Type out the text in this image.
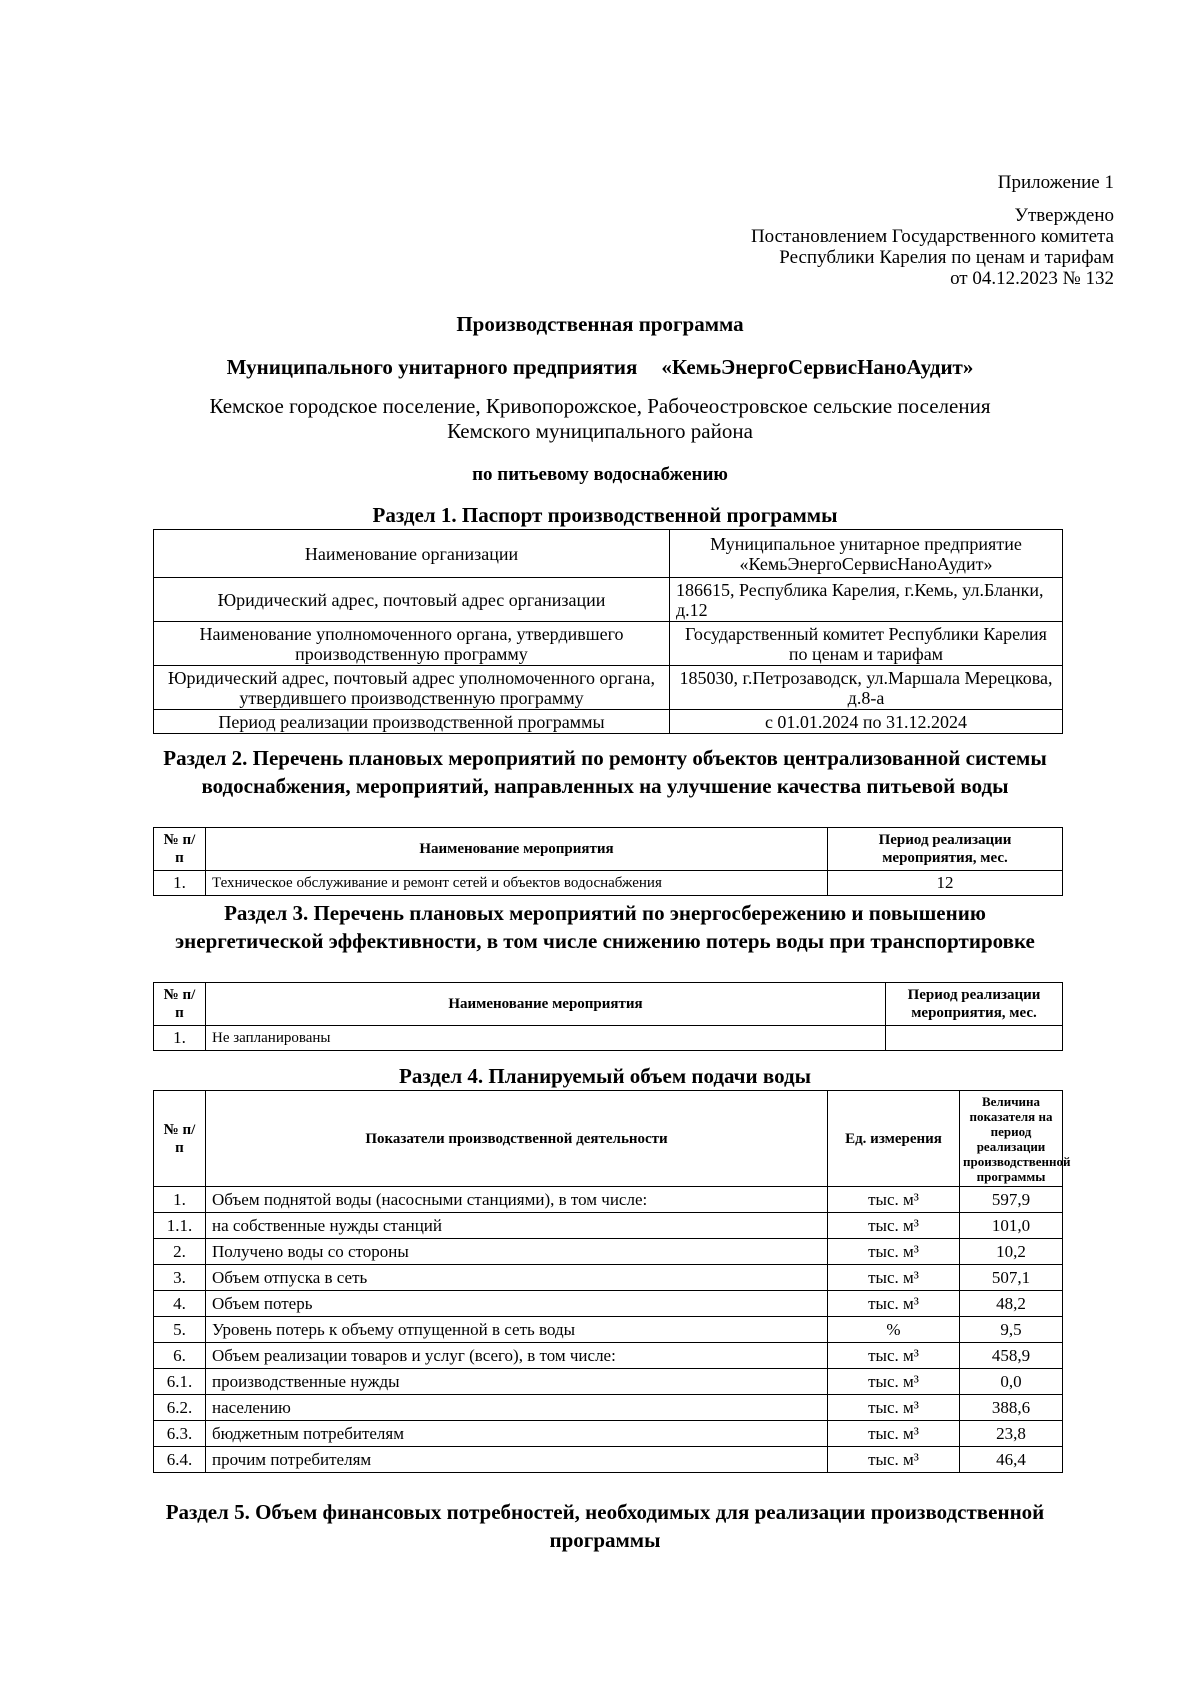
Приложение 1
Утверждено
Постановлением Государственного комитета
Республики Карелия по ценам и тарифам
от 04.12.2023 № 132
Производственная программа
Муниципального унитарного предприятия «КемьЭнергоСервисНаноАудит»
Кемское городское поселение, Кривопорожское, Рабочеостровское сельские поселения
Кемского муниципального района
по питьевому водоснабжению
Раздел 1. Паспорт производственной программы
Наименование организации	Муниципальное унитарное предприятие «КемьЭнергоСервисНаноАудит»
Юридический адрес, почтовый адрес организации	186615, Республика Карелия, г.Кемь, ул.Бланки, д.12
Наименование уполномоченного органа, утвердившего производственную программу	Государственный комитет Республики Карелия по ценам и тарифам
Юридический адрес, почтовый адрес уполномоченного органа, утвердившего производственную программу	185030, г.Петрозаводск, ул.Маршала Мерецкова, д.8-а
Период реализации производственной программы	с 01.01.2024 по 31.12.2024
Раздел 2. Перечень плановых мероприятий по ремонту объектов централизованной системы водоснабжения, мероприятий, направленных на улучшение качества питьевой воды
№ п/п	Наименование мероприятия	Период реализации мероприятия, мес.
1.	Техническое обслуживание и ремонт сетей и объектов водоснабжения	12
Раздел 3. Перечень плановых мероприятий по энергосбережению и повышению энергетической эффективности, в том числе снижению потерь воды при транспортировке
№ п/п	Наименование мероприятия	Период реализации мероприятия, мес.
1.	Не запланированы	
Раздел 4. Планируемый объем подачи воды
№ п/п	Показатели производственной деятельности	Ед. измерения	Величина показателя на период реализации производственной программы
1.	Объем поднятой воды (насосными станциями), в том числе:	тыс. м³	597,9
1.1.	на собственные нужды станций	тыс. м³	101,0
2.	Получено воды со стороны	тыс. м³	10,2
3.	Объем отпуска в сеть	тыс. м³	507,1
4.	Объем потерь	тыс. м³	48,2
5.	Уровень потерь к объему отпущенной в сеть воды	%	9,5
6.	Объем реализации товаров и услуг (всего), в том числе:	тыс. м³	458,9
6.1.	производственные нужды	тыс. м³	0,0
6.2.	населению	тыс. м³	388,6
6.3.	бюджетным потребителям	тыс. м³	23,8
6.4.	прочим потребителям	тыс. м³	46,4
Раздел 5. Объем финансовых потребностей, необходимых для реализации производственной программы
